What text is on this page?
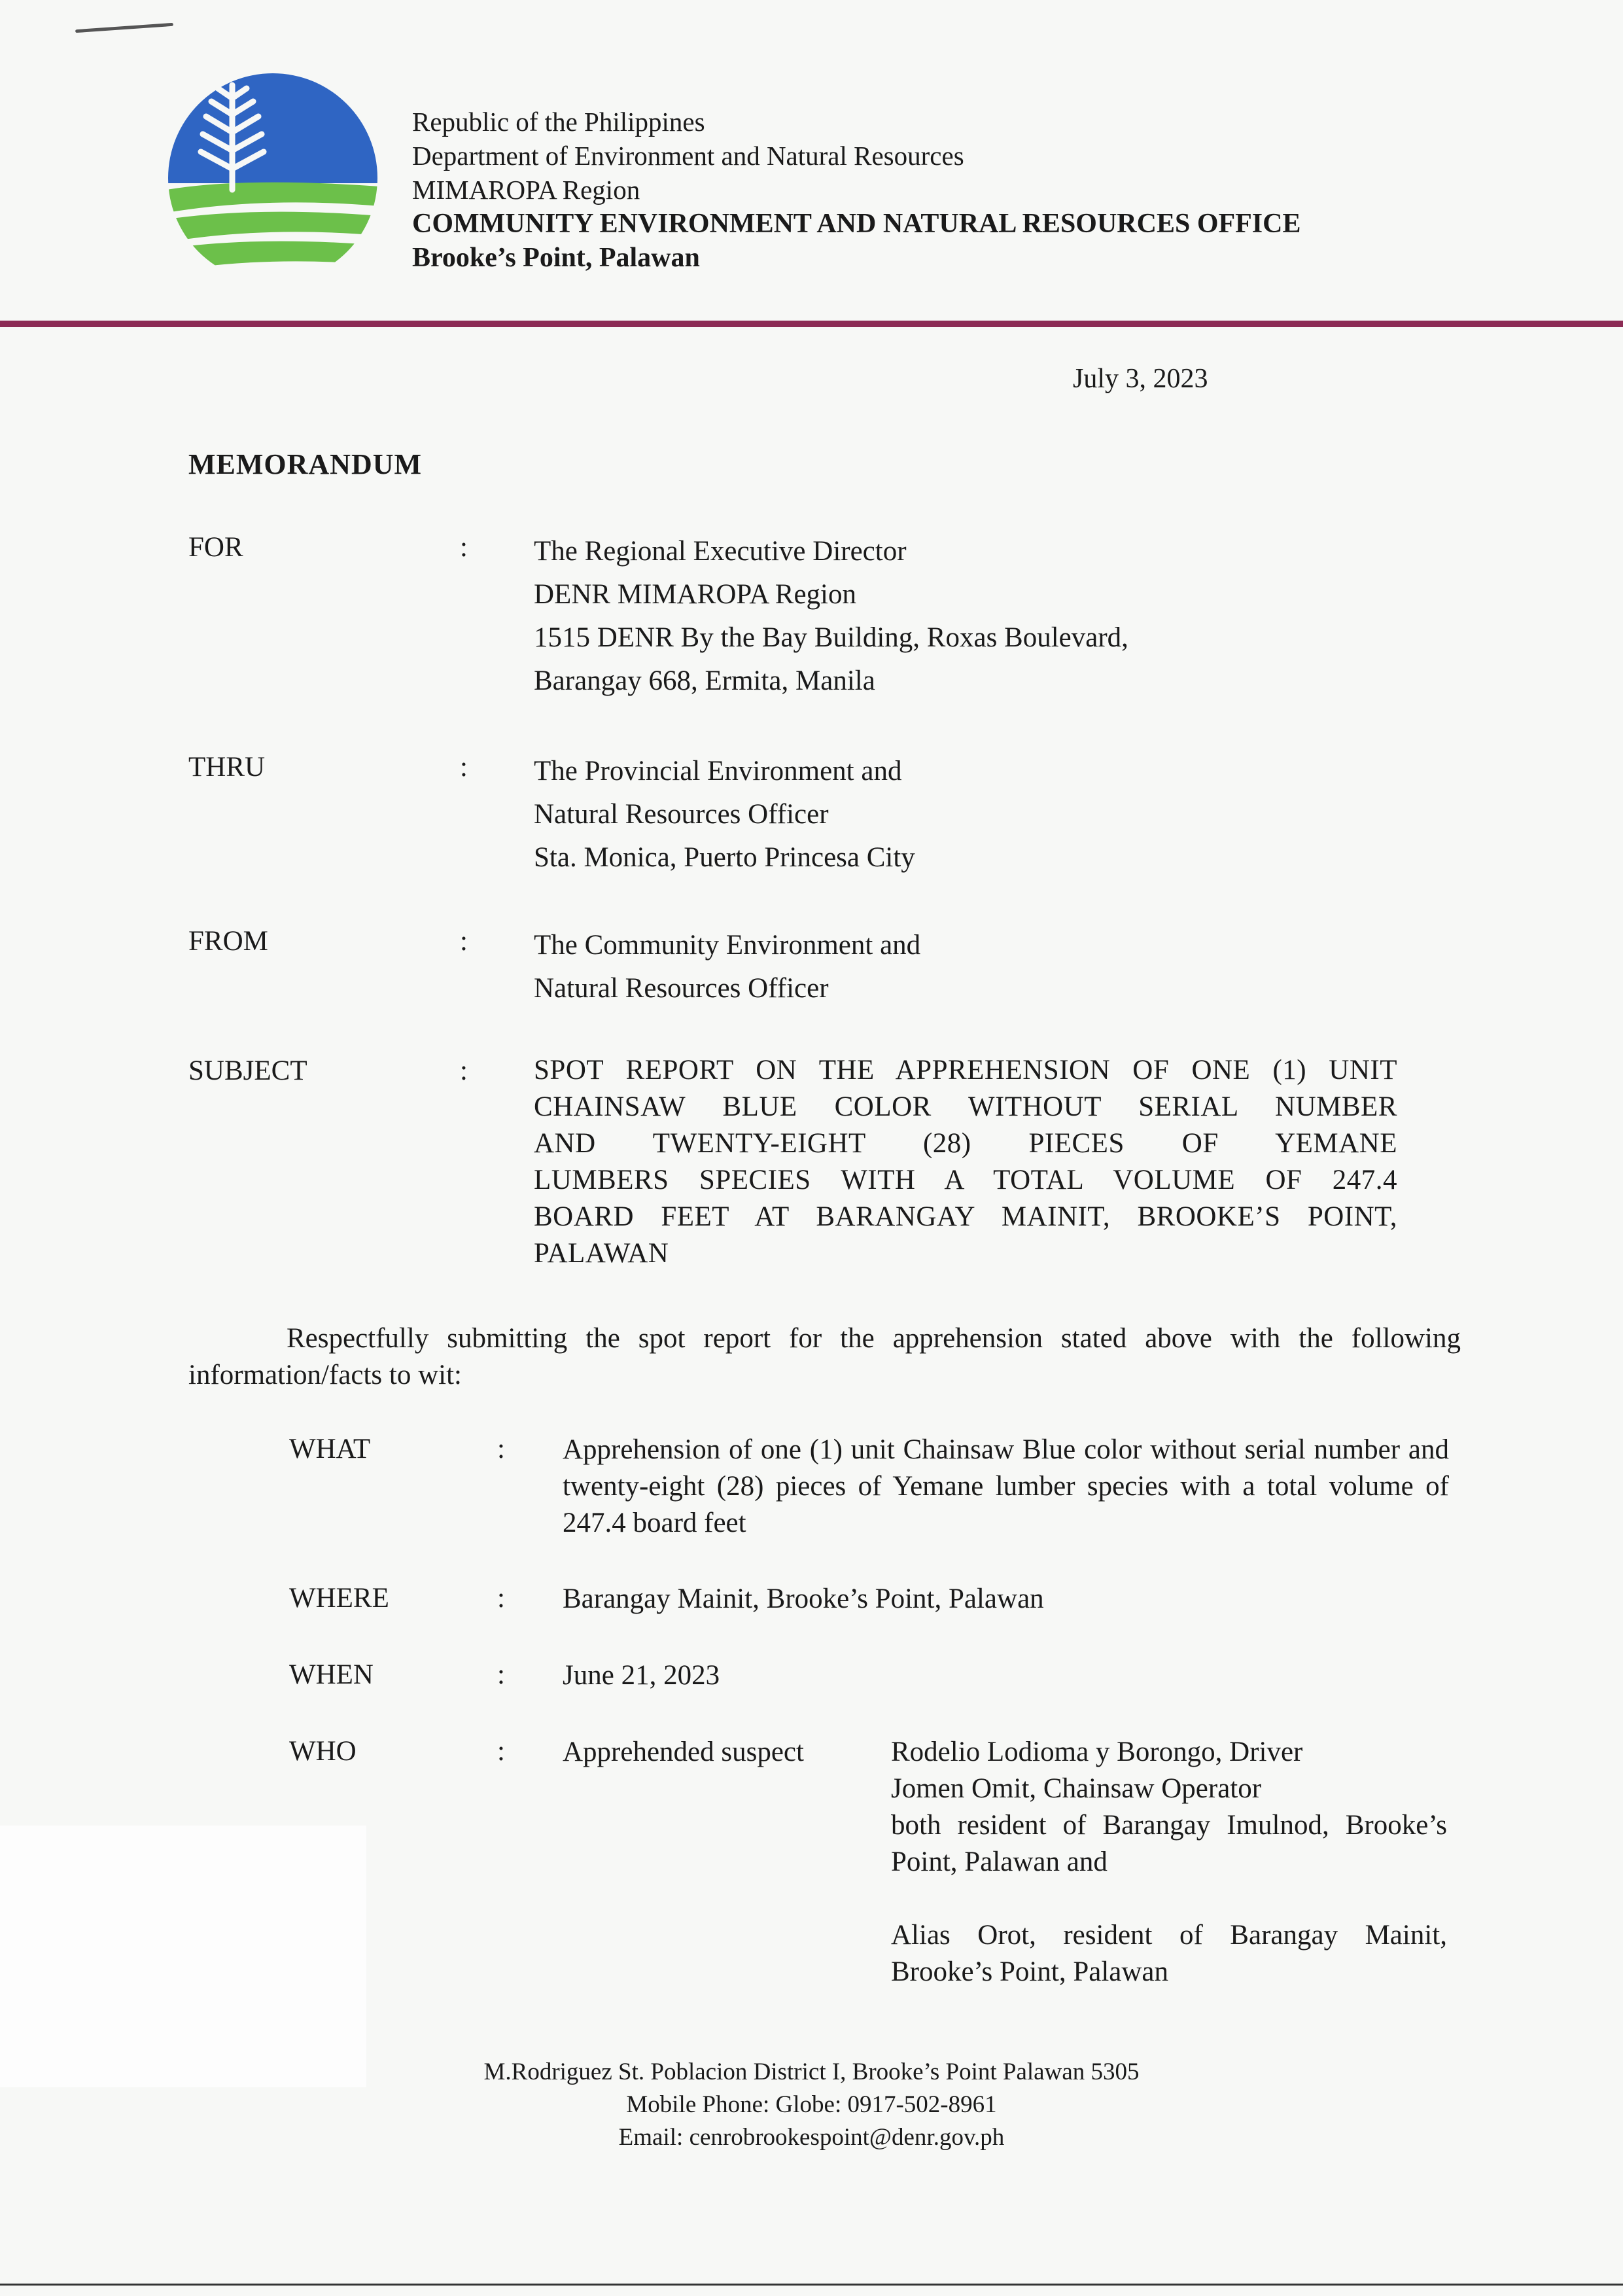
Republic of the Philippines
Department of Environment and Natural Resources
MIMAROPA Region
COMMUNITY ENVIRONMENT AND NATURAL RESOURCES OFFICE
Brooke’s Point, Palawan
July 3, 2023
MEMORANDUM
FOR	: The Regional Executive Director
DENR MIMAROPA Region
1515 DENR By the Bay Building, Roxas Boulevard,
Barangay 668, Ermita, Manila
THRU	: The Provincial Environment and
Natural Resources Officer
Sta. Monica, Puerto Princesa City
FROM	: The Community Environment and
Natural Resources Officer
SUBJECT	: SPOT REPORT ON THE APPREHENSION OF ONE (1) UNIT
CHAINSAW BLUE COLOR WITHOUT SERIAL NUMBER
AND TWENTY-EIGHT (28) PIECES OF YEMANE
LUMBERS SPECIES WITH A TOTAL VOLUME OF 247.4
BOARD FEET AT BARANGAY MAINIT, BROOKE’S POINT,
PALAWAN
Respectfully submitting the spot report for the apprehension stated above with the following information/facts to wit:
WHAT	: Apprehension of one (1) unit Chainsaw Blue color without serial number and twenty-eight (28) pieces of Yemane lumber species with a total volume of 247.4 board feet
WHERE	: Barangay Mainit, Brooke’s Point, Palawan
WHEN	: June 21, 2023
WHO	: Apprehended suspect	Rodelio Lodioma y Borongo, Driver
Jomen Omit, Chainsaw Operator
both resident of Barangay Imulnod, Brooke’s Point, Palawan and
Alias Orot, resident of Barangay Mainit, Brooke’s Point, Palawan
M.Rodriguez St. Poblacion District I, Brooke’s Point Palawan 5305
Mobile Phone: Globe: 0917-502-8961
Email: cenrobrookespoint@denr.gov.ph
